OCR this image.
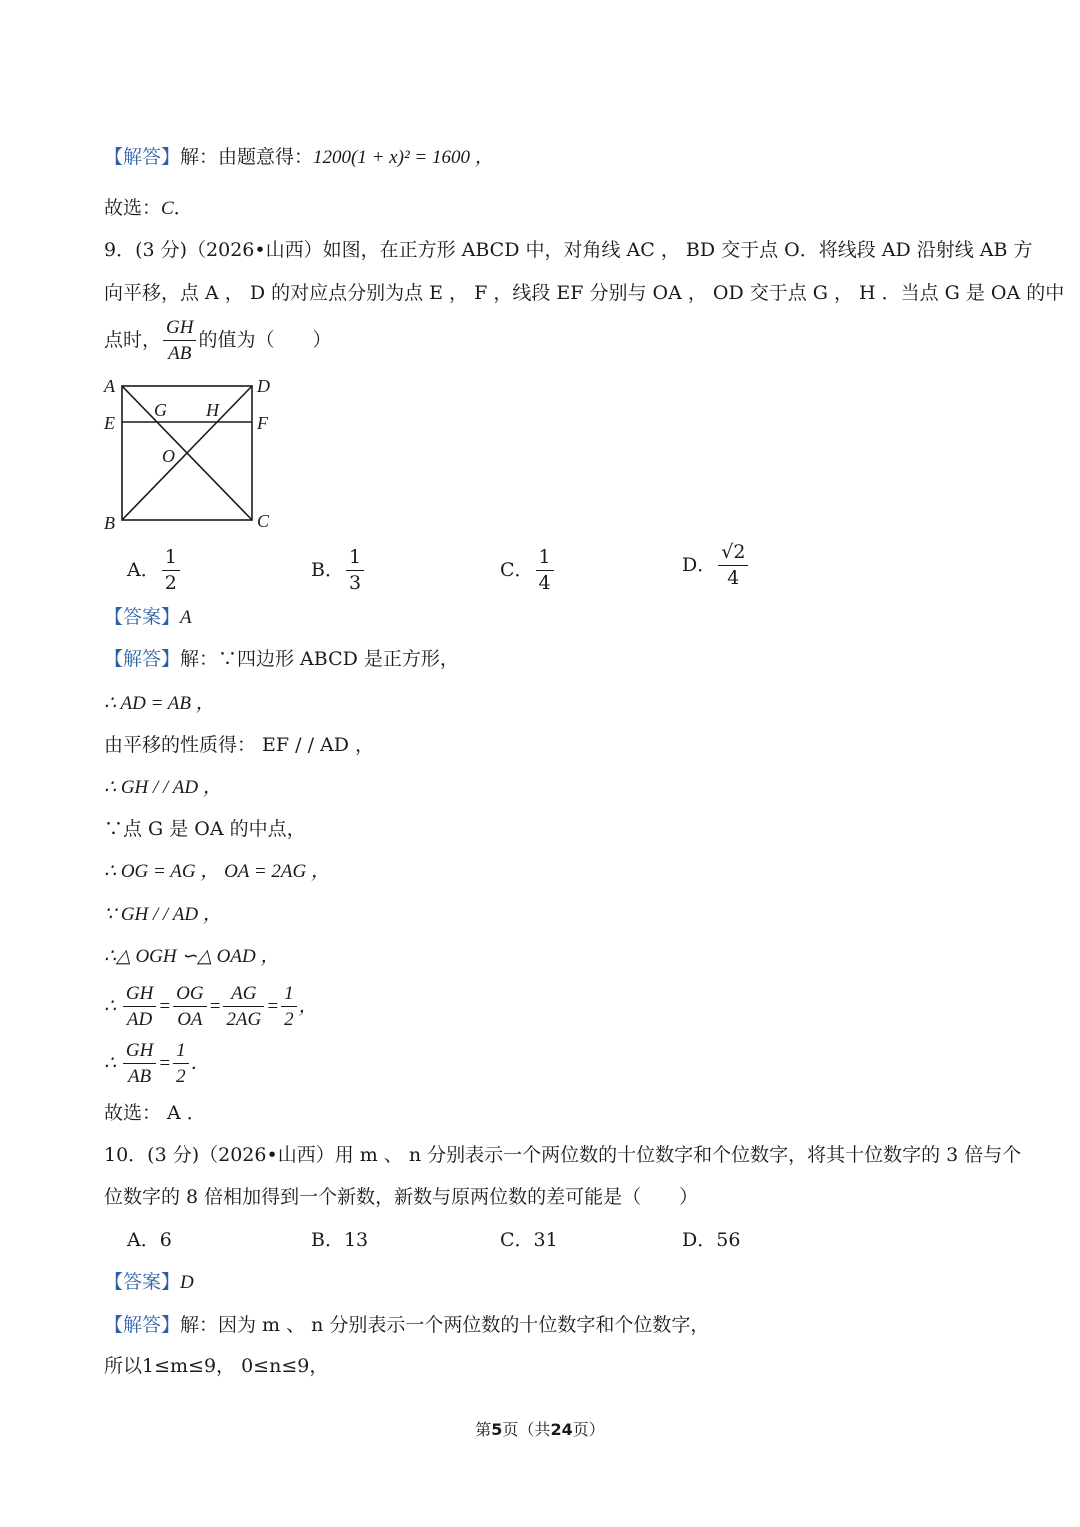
【解答】解：由题意得：1200(1 + x)² = 1600 ，
故选：C．
9．(3 分)（2026•山西）如图，在正方形 ABCD 中，对角线 AC ， BD 交于点 O．将线段 AD 沿射线 AB 方
向平移，点 A ， D 的对应点分别为点 E ， F ，线段 EF 分别与 OA ， OD 交于点 G ， H ．当点 G 是 OA 的中
点时， $\frac{GH}{AB}$ 的值为（　　）
A	D
E	F
G H
O
B	C
A． $\frac{1}{2}$	B． $\frac{1}{3}$	C． $\frac{1}{4}$	D． $\frac{√2}{4}$
【答案】A
【解答】解：∵四边形 ABCD 是正方形，
∴ AD = AB ，
由平移的性质得： EF / / AD ，
∴ GH / / AD ，
∵点 G 是 OA 的中点，
∴ OG = AG ， OA = 2AG ，
∵ GH / / AD ，
∴△ OGH ∽△ OAD ，
∴ $\frac{GH}{AD} = \frac{OG}{OA} = \frac{AG}{2AG} = \frac{1}{2}$ ，
∴ $\frac{GH}{AB} = \frac{1}{2}$ ．
故选： A ．
10．(3 分)（2026•山西）用 m 、 n 分别表示一个两位数的十位数字和个位数字，将其十位数字的 3 倍与个
位数字的 8 倍相加得到一个新数，新数与原两位数的差可能是（　　）
A．6	B．13	C．31	D．56
【答案】D
【解答】解：因为 m 、 n 分别表示一个两位数的十位数字和个位数字，
所以1≤m≤9， 0≤n≤9，
第5页（共24页）
